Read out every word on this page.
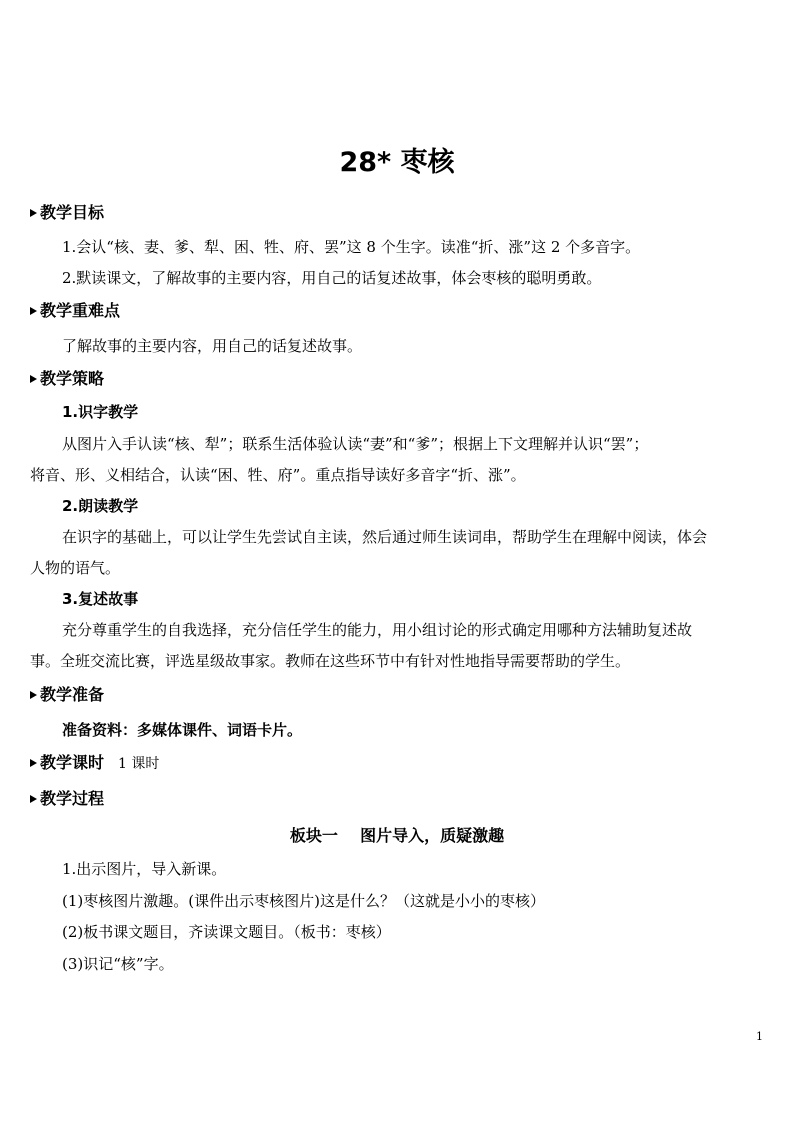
28* 枣核
教学目标
1.会认“核、妻、爹、犁、困、牲、府、罢”这 8 个生字。读准“折、涨”这 2 个多音字。
2.默读课文，了解故事的主要内容，用自己的话复述故事，体会枣核的聪明勇敢。
教学重难点
了解故事的主要内容，用自己的话复述故事。
教学策略
1.识字教学
从图片入手认读“核、犁”；联系生活体验认读“妻”和“爹”；根据上下文理解并认识“罢”；
将音、形、义相结合，认读“困、牲、府”。重点指导读好多音字“折、涨”。
2.朗读教学
在识字的基础上，可以让学生先尝试自主读，然后通过师生读词串，帮助学生在理解中阅读，体会
人物的语气。
3.复述故事
充分尊重学生的自我选择，充分信任学生的能力，用小组讨论的形式确定用哪种方法辅助复述故
事。全班交流比赛，评选星级故事家。教师在这些环节中有针对性地指导需要帮助的学生。
教学准备
准备资料：多媒体课件、词语卡片。
教学课时 1 课时
教学过程
板块一    图片导入，质疑激趣
1.出示图片，导入新课。
(1)枣核图片激趣。(课件出示枣核图片)这是什么？（这就是小小的枣核）
(2)板书课文题目，齐读课文题目。（板书：枣核）
(3)识记“核”字。
1
